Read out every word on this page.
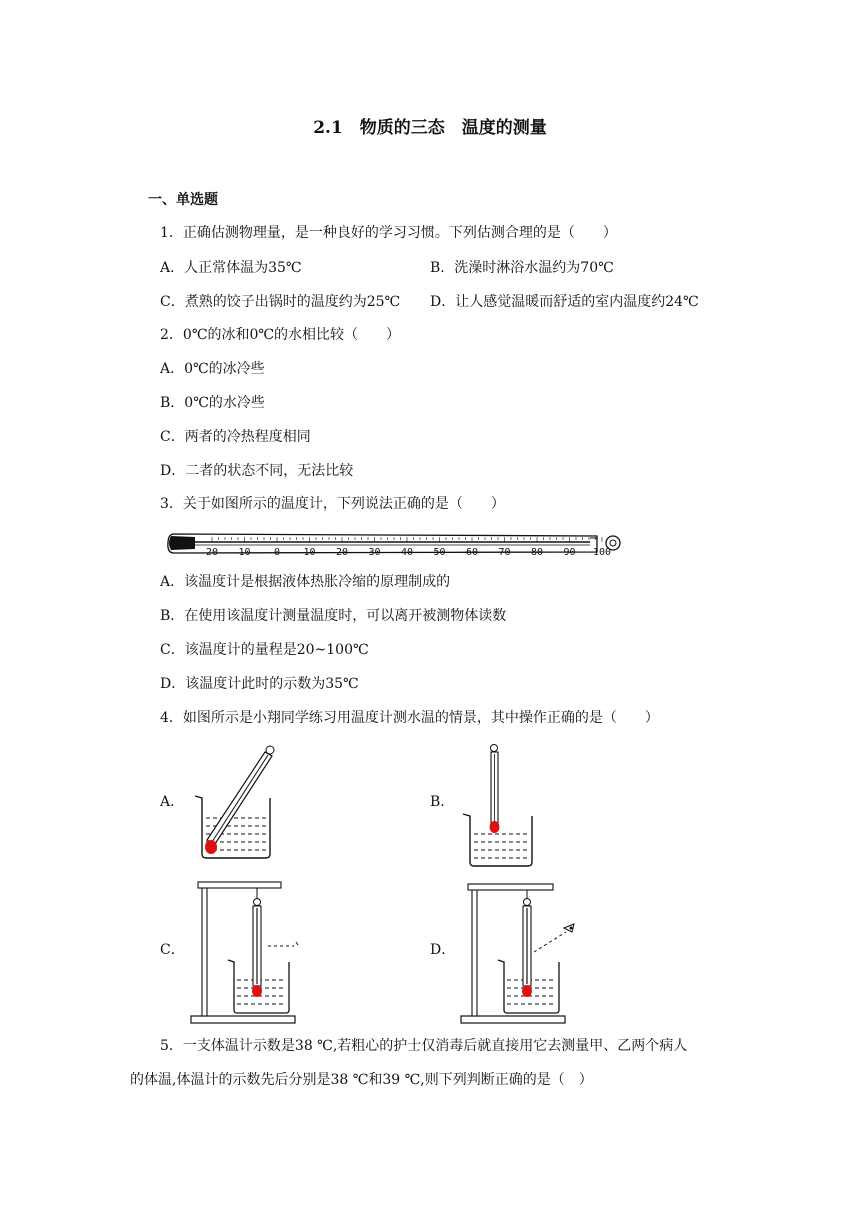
2.1　物质的三态　温度的测量
一、单选题
1．正确估测物理量，是一种良好的学习习惯。下列估测合理的是（　　）
A．人正常体温为35℃	B．洗澡时淋浴水温约为70℃
C．煮熟的饺子出锅时的温度约为25℃ D．让人感觉温暖而舒适的室内温度约24℃
2．0℃的冰和0℃的水相比较（　　）
A．0℃的冰冷些
B．0℃的水冷些
C．两者的冷热程度相同
D．二者的状态不同，无法比较
3．关于如图所示的温度计，下列说法正确的是（　　）
20 10 0 10 20 30 40 50 60 70 80 90 100
A．该温度计是根据液体热胀冷缩的原理制成的
B．在使用该温度计测量温度时，可以离开被测物体读数
C．该温度计的量程是20~100℃
D．该温度计此时的示数为35℃
4．如图所示是小翔同学练习用温度计测水温的情景，其中操作正确的是（　　）
A．	B．
C．	D．
5．一支体温计示数是38 ℃,若粗心的护士仅消毒后就直接用它去测量甲、乙两个病人
的体温,体温计的示数先后分别是38 ℃和39 ℃,则下列判断正确的是（　）
